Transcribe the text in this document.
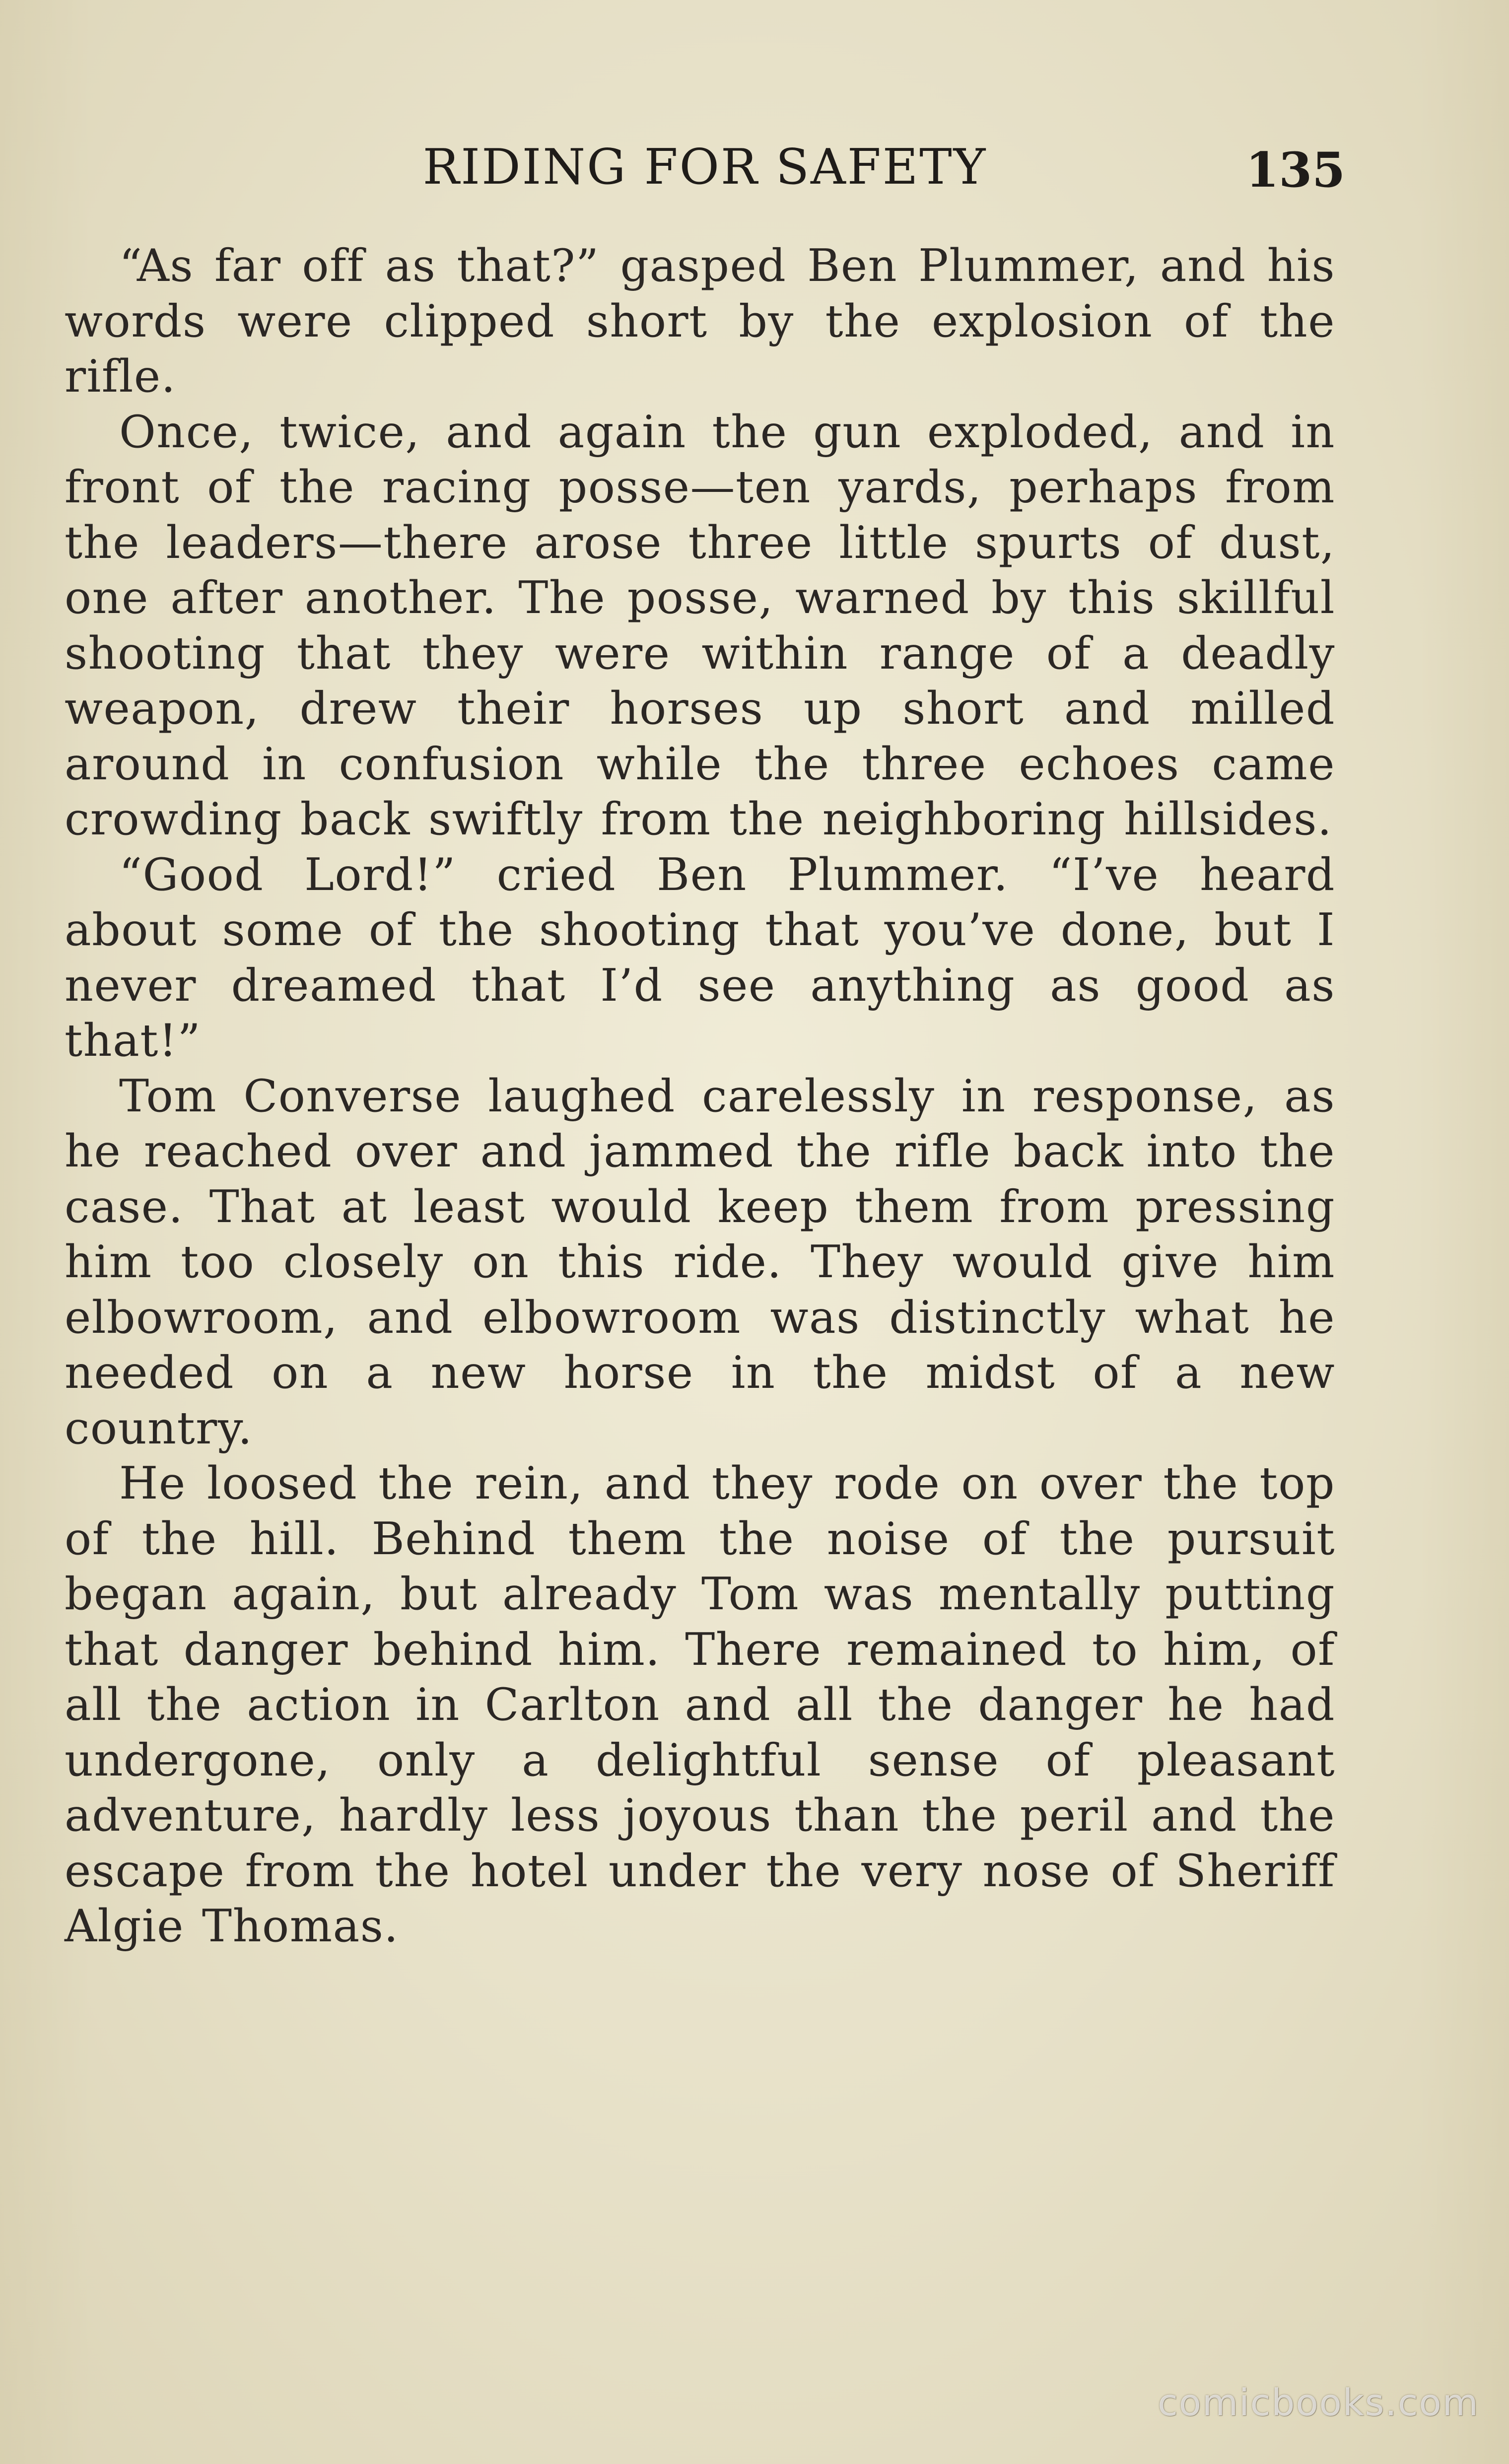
RIDING FOR SAFETY	135

“As far off as that?” gasped Ben Plummer, and his words were clipped short by the explosion of the rifle.

Once, twice, and again the gun exploded, and in front of the racing posse—ten yards, perhaps from the leaders—there arose three little spurts of dust, one after another. The posse, warned by this skillful shooting that they were within range of a deadly weapon, drew their horses up short and milled around in confusion while the three echoes came crowding back swiftly from the neighboring hillsides.

“Good Lord!” cried Ben Plummer. “I’ve heard about some of the shooting that you’ve done, but I never dreamed that I’d see anything as good as that!”

Tom Converse laughed carelessly in response, as he reached over and jammed the rifle back into the case. That at least would keep them from pressing him too closely on this ride. They would give him elbowroom, and elbowroom was distinctly what he needed on a new horse in the midst of a new country.

He loosed the rein, and they rode on over the top of the hill. Behind them the noise of the pursuit began again, but already Tom was mentally putting that danger behind him. There remained to him, of all the action in Carlton and all the danger he had undergone, only a delightful sense of pleasant adventure, hardly less joyous than the peril and the escape from the hotel under the very nose of Sheriff Algie Thomas.

comicbooks.com
